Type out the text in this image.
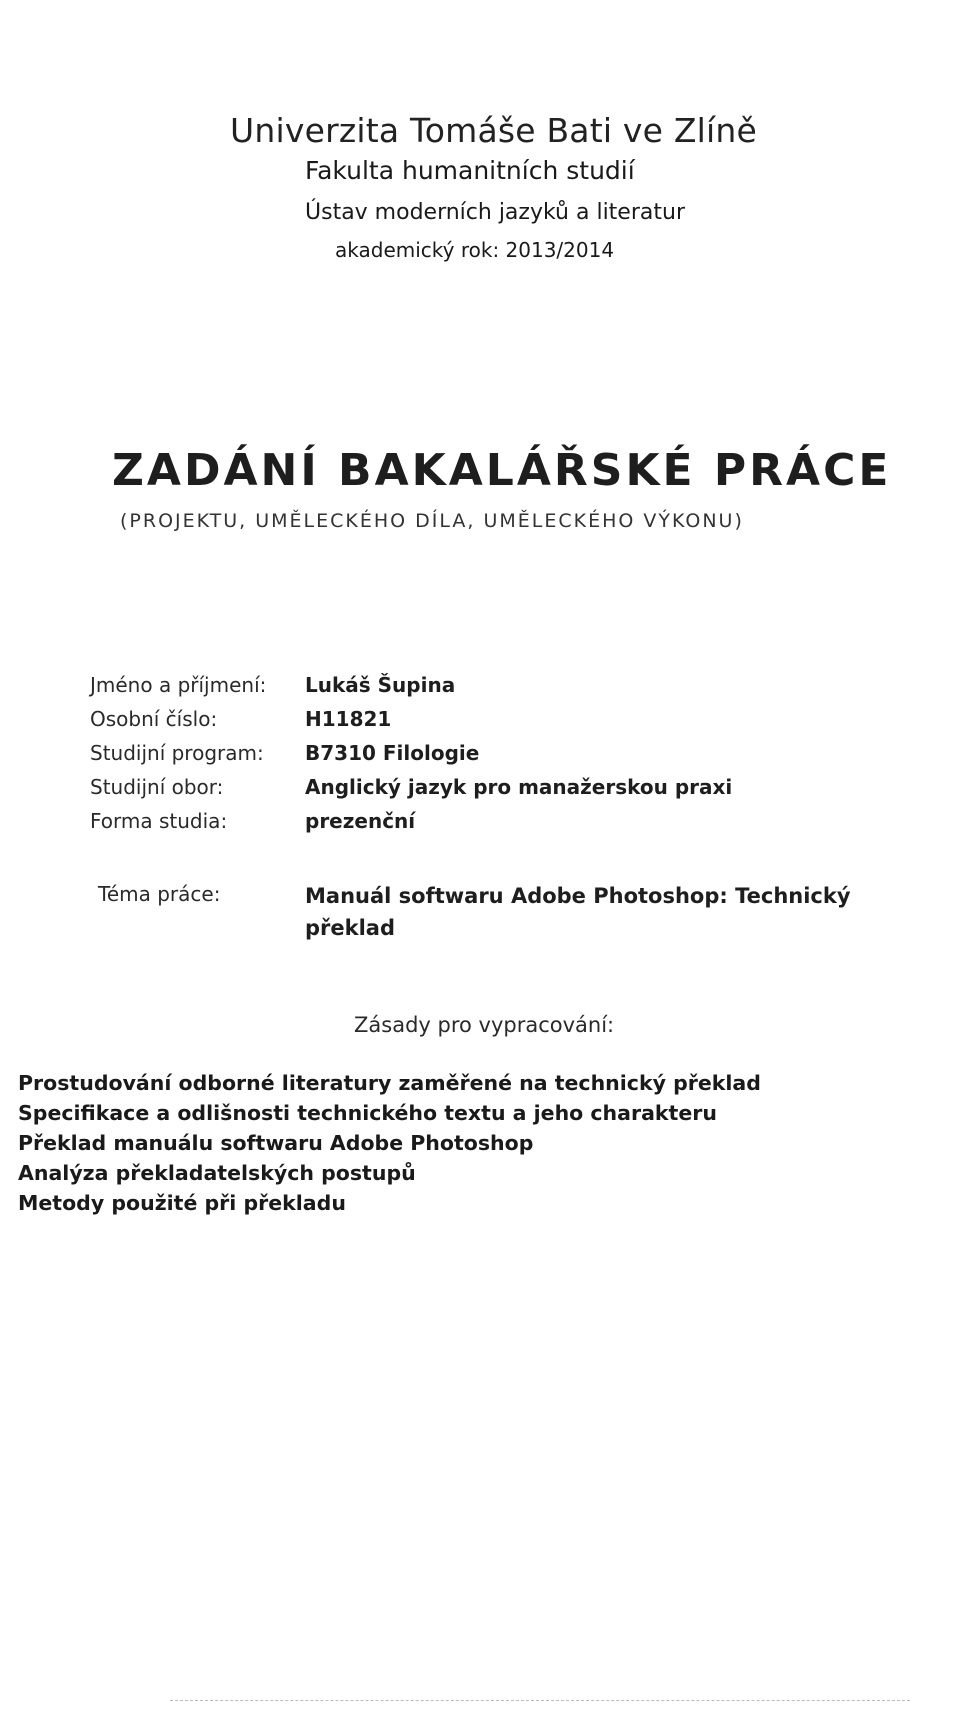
Univerzita Tomáše Bati ve Zlíně
Fakulta humanitních studií
Ústav moderních jazyků a literatur
akademický rok: 2013/2014
ZADÁNÍ BAKALÁŘSKÉ PRÁCE
(PROJEKTU, UMĚLECKÉHO DÍLA, UMĚLECKÉHO VÝKONU)
Jméno a příjmení: Lukáš Šupina
Osobní číslo:	H11821
Studijní program: B7310 Filologie
Studijní obor:	Anglický jazyk pro manažerskou praxi
Forma studia:	prezenční
Téma práce:	Manuál softwaru Adobe Photoshop: Technický překlad
Zásady pro vypracování:
Prostudování odborné literatury zaměřené na technický překlad
Specifikace a odlišnosti technického textu a jeho charakteru
Překlad manuálu softwaru Adobe Photoshop
Analýza překladatelských postupů
Metody použité při překladu
